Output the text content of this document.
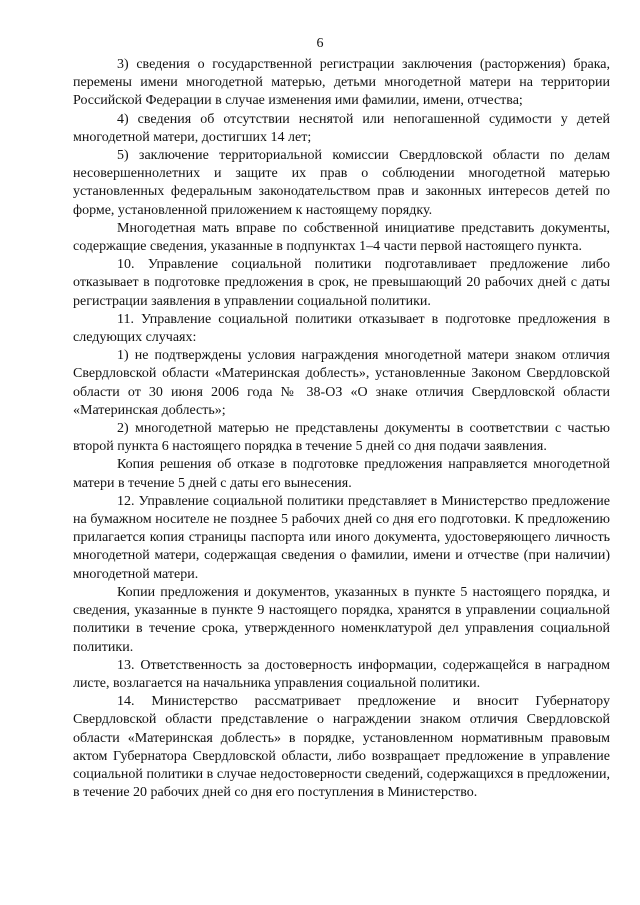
6

3) сведения о государственной регистрации заключения (расторжения) брака, перемены имени многодетной матерью, детьми многодетной матери на территории Российской Федерации в случае изменения ими фамилии, имени, отчества;

4) сведения об отсутствии неснятой или непогашенной судимости у детей многодетной матери, достигших 14 лет;

5) заключение территориальной комиссии Свердловской области по делам несовершеннолетних и защите их прав о соблюдении многодетной матерью установленных федеральным законодательством прав и законных интересов детей по форме, установленной приложением к настоящему порядку.

Многодетная мать вправе по собственной инициативе представить документы, содержащие сведения, указанные в подпунктах 1–4 части первой настоящего пункта.

10. Управление социальной политики подготавливает предложение либо отказывает в подготовке предложения в срок, не превышающий 20 рабочих дней с даты регистрации заявления в управлении социальной политики.

11. Управление социальной политики отказывает в подготовке предложения в следующих случаях:

1) не подтверждены условия награждения многодетной матери знаком отличия Свердловской области «Материнская доблесть», установленные Законом Свердловской области от 30 июня 2006 года № 38-ОЗ «О знаке отличия Свердловской области «Материнская доблесть»;

2) многодетной матерью не представлены документы в соответствии с частью второй пункта 6 настоящего порядка в течение 5 дней со дня подачи заявления.

Копия решения об отказе в подготовке предложения направляется многодетной матери в течение 5 дней с даты его вынесения.

12. Управление социальной политики представляет в Министерство предложение на бумажном носителе не позднее 5 рабочих дней со дня его подготовки. К предложению прилагается копия страницы паспорта или иного документа, удостоверяющего личность многодетной матери, содержащая сведения о фамилии, имени и отчестве (при наличии) многодетной матери.

Копии предложения и документов, указанных в пункте 5 настоящего порядка, и сведения, указанные в пункте 9 настоящего порядка, хранятся в управлении социальной политики в течение срока, утвержденного номенклатурой дел управления социальной политики.

13. Ответственность за достоверность информации, содержащейся в наградном листе, возлагается на начальника управления социальной политики.

14. Министерство рассматривает предложение и вносит Губернатору Свердловской области представление о награждении знаком отличия Свердловской области «Материнская доблесть» в порядке, установленном нормативным правовым актом Губернатора Свердловской области, либо возвращает предложение в управление социальной политики в случае недостоверности сведений, содержащихся в предложении, в течение 20 рабочих дней со дня его поступления в Министерство.
